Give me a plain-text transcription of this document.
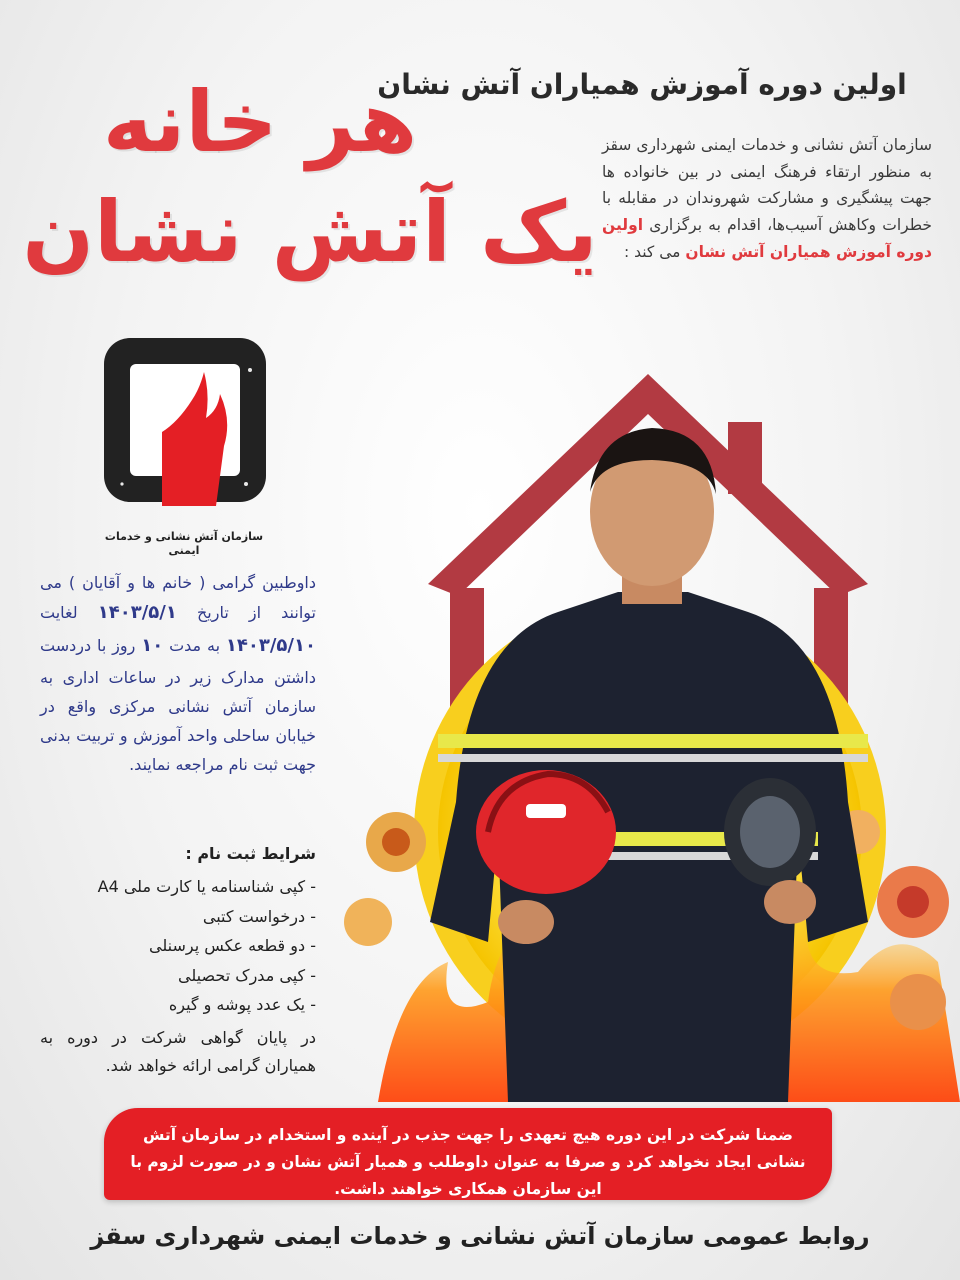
اولین دوره آموزش همیاران آتش نشان
هر خانه
یک آتش نشان

سازمان آتش نشانی و خدمات ایمنی شهرداری سقز به منظور ارتقاء فرهنگ ایمنی در بین خانواده ها جهت پیشگیری و مشارکت شهروندان در مقابله با خطرات وکاهش آسیب‌ها، اقدام به برگزاری اولین دوره آموزش همیاران آتش نشان می کند :

سازمان آتش نشانی و خدمات ایمنی

داوطبین گرامی ( خانم ها و آقایان ) می توانند از تاریخ ۱۴۰۳/۵/۱ لغایت ۱۴۰۳/۵/۱۰ به مدت ۱۰ روز با دردست داشتن مدارک زیر در ساعات اداری به سازمان آتش نشانی مرکزی واقع در خیابان ساحلی واحد آموزش و تربیت بدنی جهت ثبت نام مراجعه نمایند.

شرایط ثبت نام :
- کپی شناسنامه یا کارت ملی A4
- درخواست کتبی
- دو قطعه عکس پرسنلی
- کپی مدرک تحصیلی
- یک عدد پوشه و گیره

در پایان گواهی شرکت در دوره به همیاران گرامی ارائه خواهد شد.

ضمنا شرکت در این دوره هیچ تعهدی را جهت جذب در آینده و استخدام در سازمان آتش نشانی ایجاد نخواهد کرد و صرفا به عنوان داوطلب و همیار آتش نشان و در صورت لزوم با این سازمان همکاری خواهند داشت.

روابط عمومی سازمان آتش نشانی و خدمات ایمنی شهرداری سقز
